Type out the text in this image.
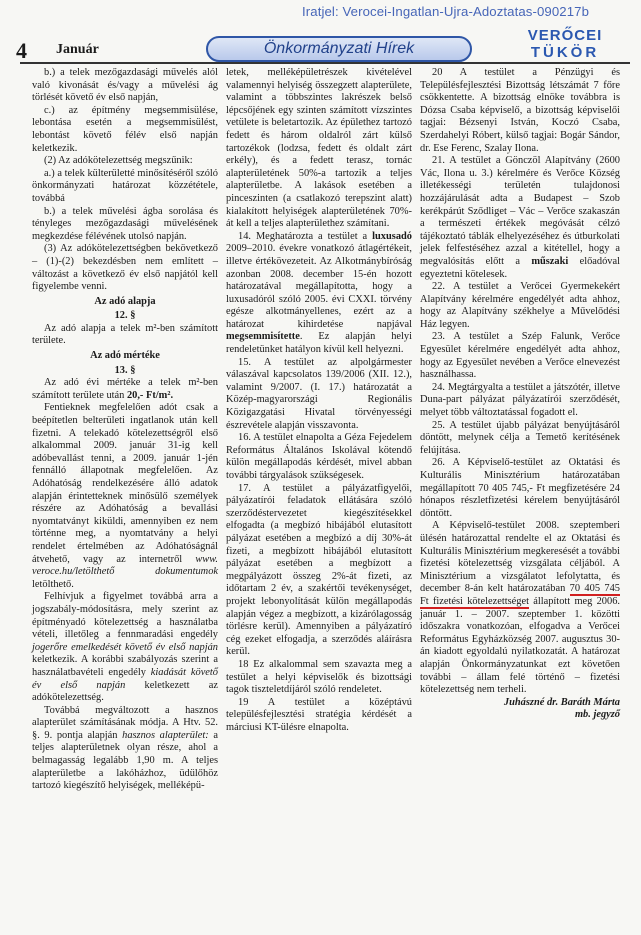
Iratjel: Verocei-Ingatlan-Ujra-Adoztatas-090217b
4 Január	Önkormányzati Hírek
VERŐCEI
TÜKÖR

b.) a telek mezőgazdasági művelés alól való kivonását és/vagy a művelési ág törlését követő év első napján,

c.) az építmény megsemmisülése, lebontása esetén a megsemmisülést, lebontást követő félév első napján keletkezik.

(2) Az adókötelezettség megszűnik:

a.) a telek külterületté minősítéséről szóló önkormányzati határozat közzététele, továbbá

b.) a telek művelési ágba sorolása és tényleges mezőgazdasági művelésének megkezdése félévének utolsó napján.

(3) Az adókötelezettségben bekövetkező – (1)-(2) bekezdésben nem említett – változást a következő év első napjától kell figyelembe venni.

Az adó alapja

12. §

Az adó alapja a telek m²-ben számított területe.

Az adó mértéke

13. §

Az adó évi mértéke a telek m²-ben számított területe után 20,- Ft/m².

Fentieknek megfelelően adót csak a beépítetlen belterületi ingatlanok után kell fizetni. A telekadó kötelezettségről első alkalommal 2009. január 31-ig kell adóbevallást tenni, a 2009. január 1-jén fennálló állapotnak megfelelően. Az Adóhatóság rendelkezésére álló adatok alapján érintetteknek minősülő személyek részére az Adóhatóság a bevallási nyomtatványt kiküldi, amennyiben ez nem történne meg, a nyomtatvány a helyi rendelet értelmében az Adóhatóságnál átvehető, vagy az internetről www. veroce.hu/letölthető dokumentumok letölthető.

Felhívjuk a figyelmet továbbá arra a jogszabály-módosításra, mely szerint az építményadó kötelezettség a használatba vételi, illetőleg a fennmaradási engedély jogerőre emelkedését követő év első napján keletkezik. A korábbi szabályozás szerint a használatbavételi engedély kiadását követő év első napján keletkezett az adókötelezettség.

Továbbá megváltozott a hasznos alapterület számításának módja. A Htv. 52. §. 9. pontja alapján hasznos alapterület: a teljes alapterületnek olyan része, ahol a belmagasság legalább 1,90 m. A teljes alapterületbe a lakóházhoz, üdülőhöz tartozó kiegészítő helyiségek, melléképü-

letek, melléképületrészek kivételével valamennyi helyiség összegzett alapterülete, valamint a többszintes lakrészek belső lépcsőjének egy szinten számított vízszintes vetülete is beletartozik. Az épülethez tartozó fedett és három oldalról zárt külső tartozékok (lodzsa, fedett és oldalt zárt erkély), és a fedett terasz, tornác alapterületének 50%-a tartozik a teljes alapterületbe. A lakások esetében a pinceszinten (a csatlakozó terepszint alatt) kialakított helyiségek alapterületének 70%-át kell a teljes alapterülethez számítani.

14. Meghatározta a testület a luxusadó 2009–2010. évekre vonatkozó átlagértékeit, illetve értékövezeteit. Az Alkotmánybíróság azonban 2008. december 15-én hozott határozatával megállapította, hogy a luxusadóról szóló 2005. évi CXXI. törvény egésze alkotmányellenes, ezért az a határozat kihirdetése napjával megsemmisítette. Ez alapján helyi rendeletünket hatályon kívül kell helyezni.

15. A testület az alpolgármester válaszával kapcsolatos 139/2006 (XII. 12.), valamint 9/2007. (I. 17.) határozatát a Közép-magyarországi Regionális Közigazgatási Hivatal törvényességi észrevétele alapján visszavonta.

16. A testület elnapolta a Géza Fejedelem Református Általános Iskolával kötendő külön megállapodás kérdését, mivel abban további tárgyalások szükségesek.

17. A testület a pályázatfigyelői, pályázatírói feladatok ellátására szóló szerződéstervezetet kiegészítésekkel elfogadta (a megbízó hibájából elutasított pályázat esetében a megbízó a díj 30%-át fizeti, a megbízott hibájából elutasított pályázat esetében a megbízott a megpályázott összeg 2%-át fizeti, az időtartam 2 év, a szakértői tevékenységet, projekt lebonyolítását külön megállapodás alapján végez a megbízott, a kizárólagosság törlésre kerül). Amennyiben a pályázatíró cég ezeket elfogadja, a szerződés aláírásra kerül.

18 Ez alkalommal sem szavazta meg a testület a helyi képviselők és bizottsági tagok tiszteletdíjáról szóló rendeletet.

19 A testület a középtávú településfejlesztési stratégia kérdését a márciusi KT-ülésre elnapolta.

20 A testület a Pénzügyi és Településfejlesztési Bizottság létszámát 7 főre csökkentette. A bizottság elnöke továbbra is Dózsa Csaba képviselő, a bizottság képviselői tagjai: Bézsenyi István, Koczó Csaba, Szerdahelyi Róbert, külső tagjai: Bogár Sándor, dr. Ese Ferenc, Szalay Ilona.

21. A testület a Gönczöl Alapítvány (2600 Vác, Ilona u. 3.) kérelmére és Verőce Község illetékességi területén tulajdonosi hozzájárulását adta a Budapest – Szob kerékpárút Sződliget – Vác – Verőce szakaszán a természeti értékek megóvását célzó tájékoztató táblák elhelyezéséhez és útburkolati jelek felfestéséhez azzal a kitétellel, hogy a megvalósítás előtt a műszaki előadóval egyeztetni kötelesek.

22. A testület a Verőcei Gyermekekért Alapítvány kérelmére engedélyét adta ahhoz, hogy az Alapítvány székhelye a Művelődési Ház legyen.

23. A testület a Szép Falunk, Verőce Egyesület kérelmére engedélyét adta ahhoz, hogy az Egyesület nevében a Verőce elnevezést használhassa.

24. Megtárgyalta a testület a játszótér, illetve Duna-part pályázat pályázatírói szerződését, melyet több változtatással fogadott el.

25. A testület újabb pályázat benyújtásáról döntött, melynek célja a Temető kerítésének felújítása.

26. A Képviselő-testület az Oktatási és Kulturális Minisztérium határozatában megállapított 70 405 745,- Ft megfizetésére 24 hónapos részletfizetési kérelem benyújtásáról döntött.

A Képviselő-testület 2008. szeptemberi ülésén határozattal rendelte el az Oktatási és Kulturális Minisztérium megkeresését a további fizetési kötelezettség vizsgálata céljából. A Minisztérium a vizsgálatot lefolytatta, és december 8-án kelt határozatában 70 405 745 Ft fizetési kötelezettséget állapított meg 2006. január 1. – 2007. szeptember 1. közötti időszakra vonatkozóan, elfogadva a Verőcei Református Egyházközség 2007. augusztus 30-án kiadott egyoldalú nyilatkozatát. A határozat alapján Önkormányzatunkat ezt követően további – állam felé történő – fizetési kötelezettség nem terheli.

Juhászné dr. Baráth Márta

mb. jegyző
